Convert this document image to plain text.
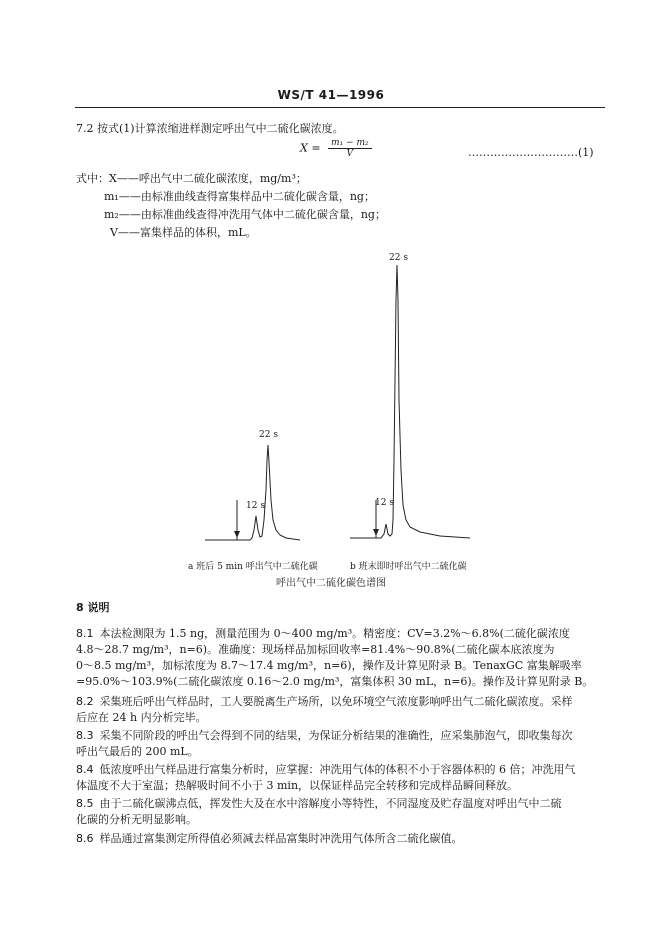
WS/T 41—1996
7.2 按式(1)计算浓缩进样测定呼出气中二硫化碳浓度。
$X = \frac{\text{m₁ − m₂}}{V}$	…………………………(1)
式中：X——呼出气中二硫化碳浓度，mg/m³；
m₁——由标准曲线查得富集样品中二硫化碳含量，ng；
m₂——由标准曲线查得冲洗用气体中二硫化碳含量，ng；
V——富集样品的体积，mL。
12 s
22 s
12 s
22 s
a 班后 5 min 呼出气中二硫化碳	b 班末即时呼出气中二硫化碳
呼出气中二硫化碳色谱图
8 说明
8.1 本法检测限为 1.5 ng，测量范围为 0～400 mg/m³。精密度：CV=3.2%～6.8%(二硫化碳浓度
4.8～28.7 mg/m³，n=6)。准确度：现场样品加标回收率=81.4%～90.8%(二硫化碳本底浓度为
0～8.5 mg/m³，加标浓度为 8.7～17.4 mg/m³，n=6)，操作及计算见附录 B。TenaxGC 富集解吸率
=95.0%～103.9%(二硫化碳浓度 0.16～2.0 mg/m³，富集体积 30 mL，n=6)。操作及计算见附录 B。
8.2 采集班后呼出气样品时，工人要脱离生产场所，以免环境空气浓度影响呼出气二硫化碳浓度。采样
后应在 24 h 内分析完毕。
8.3 采集不同阶段的呼出气会得到不同的结果，为保证分析结果的准确性，应采集肺泡气，即收集每次
呼出气最后的 200 mL。
8.4 低浓度呼出气样品进行富集分析时，应掌握：冲洗用气体的体积不小于容器体积的 6 倍；冲洗用气
体温度不大于室温；热解吸时间不小于 3 min，以保证样品完全转移和完成样品瞬间释放。
8.5 由于二硫化碳沸点低，挥发性大及在水中溶解度小等特性，不同湿度及贮存温度对呼出气中二硫
化碳的分析无明显影响。
8.6 样品通过富集测定所得值必须减去样品富集时冲洗用气体所含二硫化碳值。
